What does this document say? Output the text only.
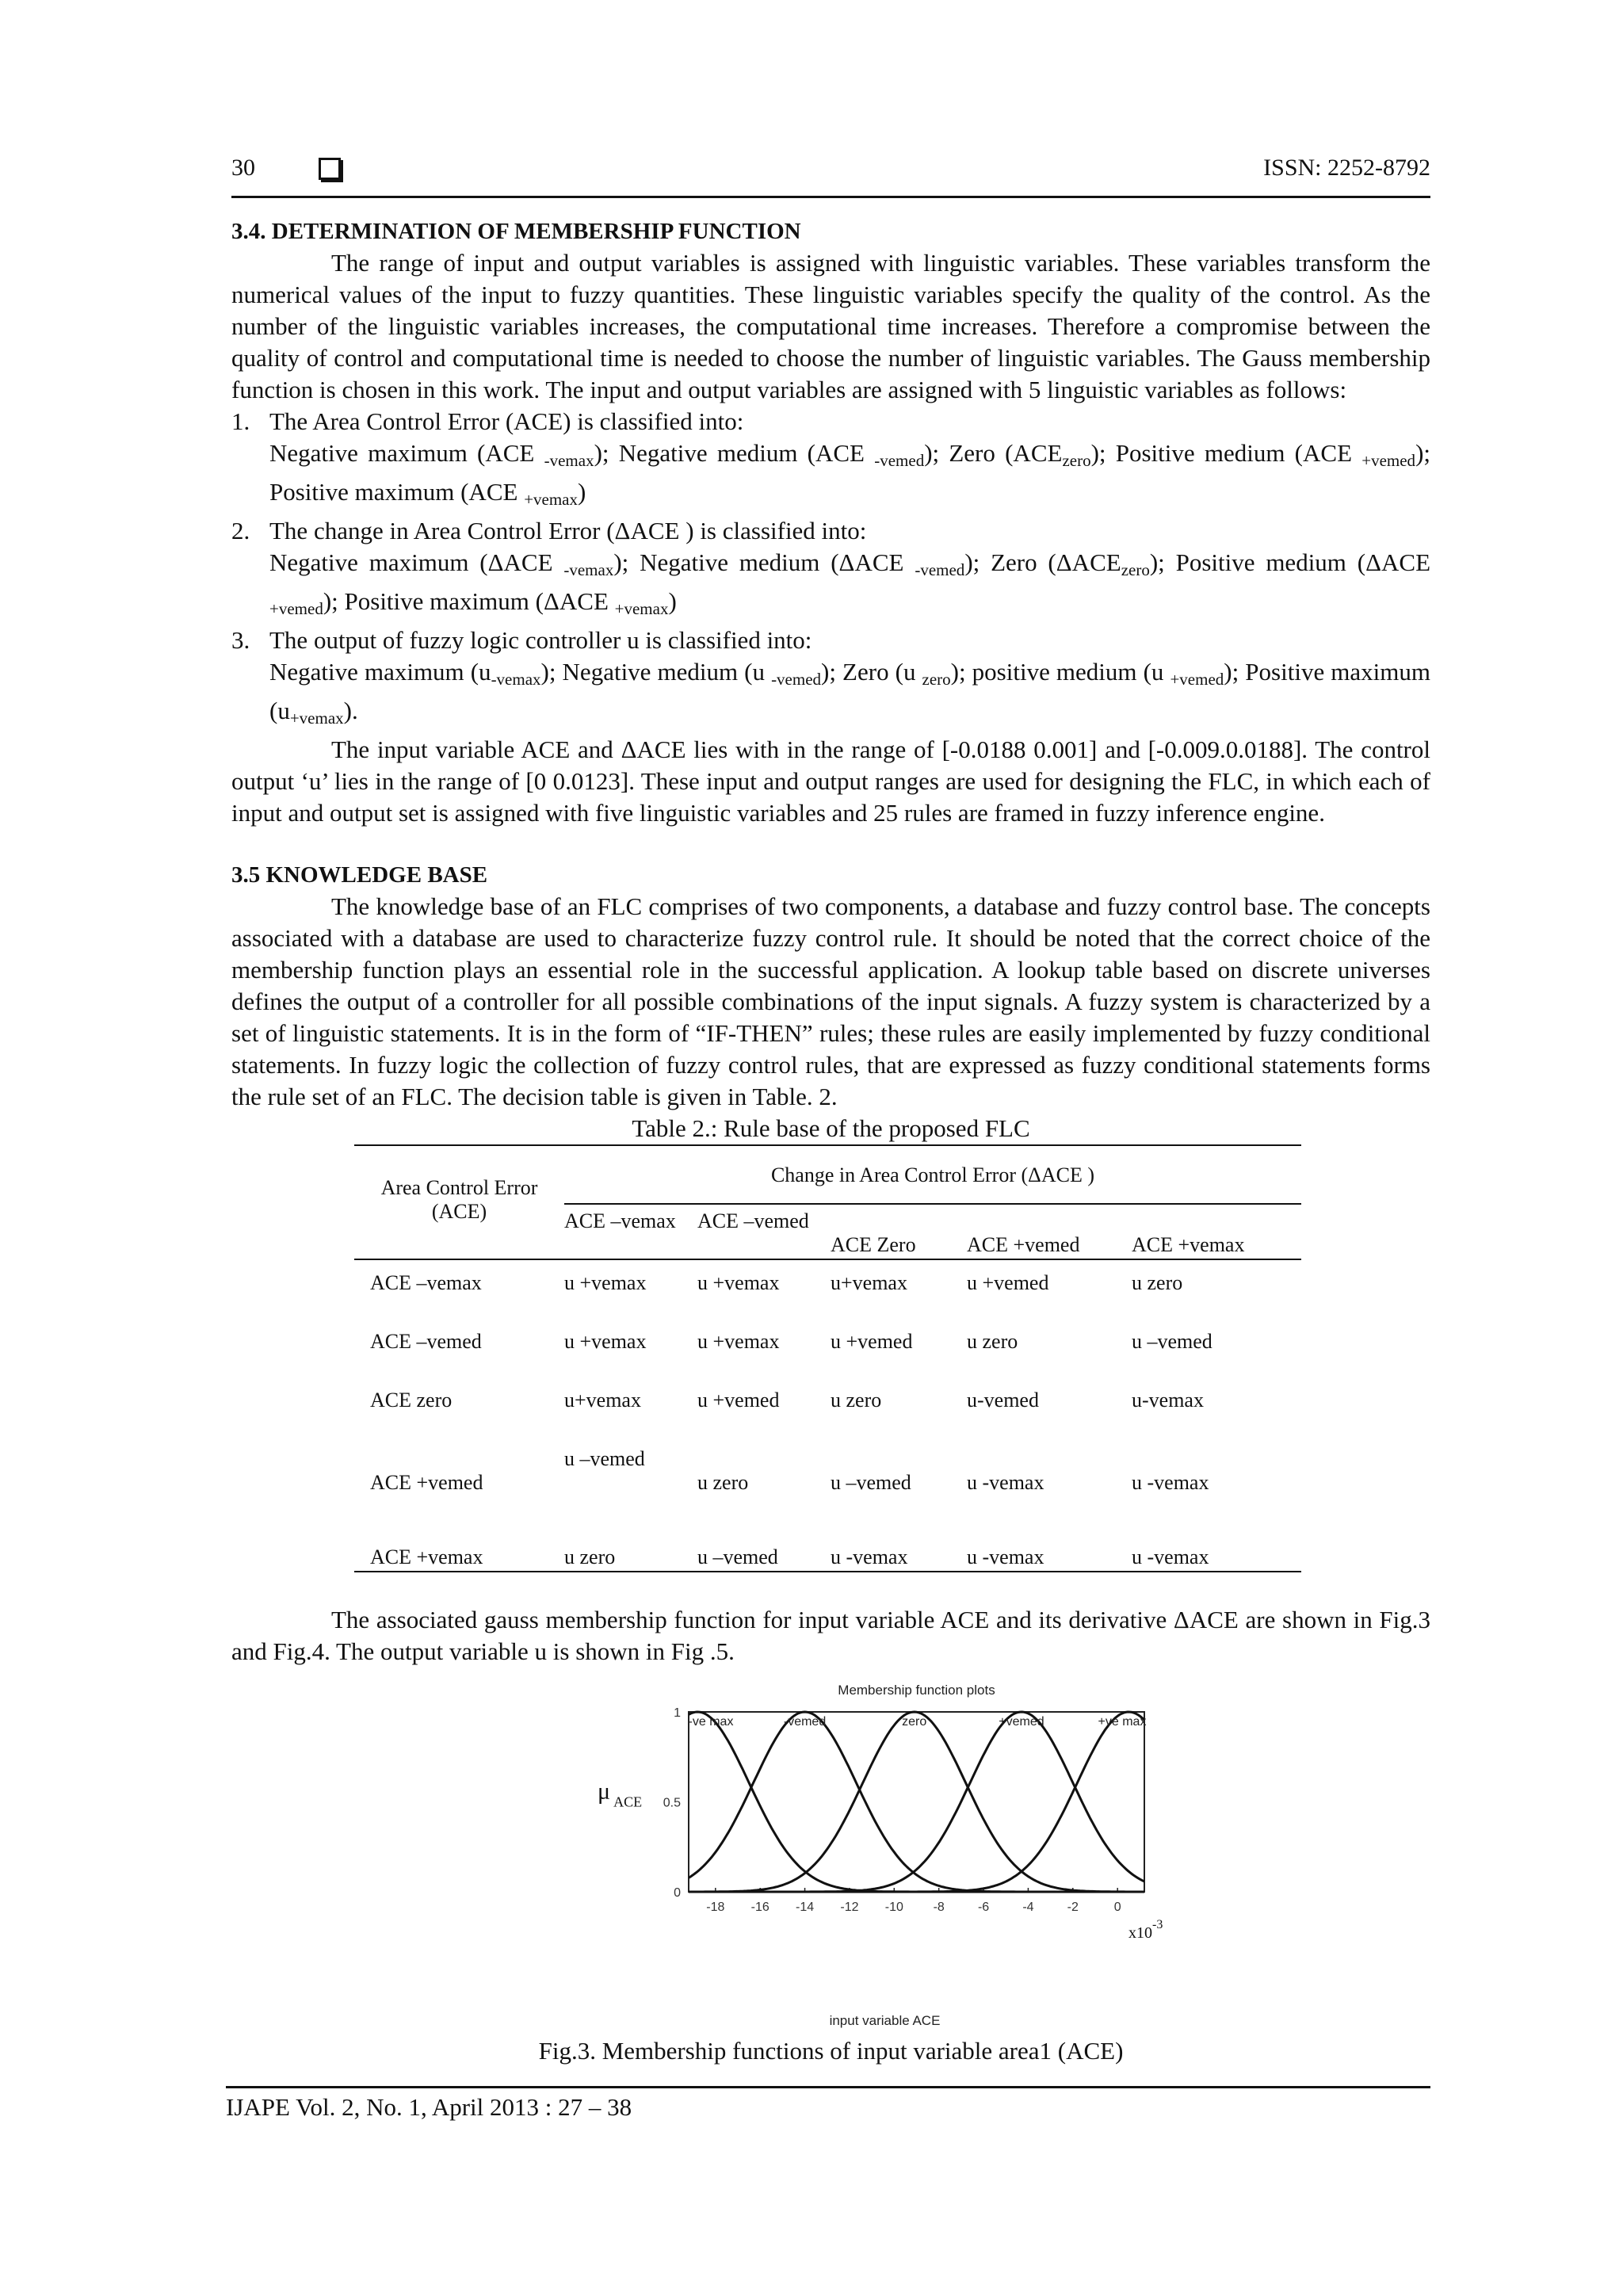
30	ISSN: 2252-8792

3.4. DETERMINATION OF MEMBERSHIP FUNCTION

The range of input and output variables is assigned with linguistic variables. These variables transform the numerical values of the input to fuzzy quantities. These linguistic variables specify the quality of the control. As the number of the linguistic variables increases, the computational time increases. Therefore a compromise between the quality of control and computational time is needed to choose the number of linguistic variables. The Gauss membership function is chosen in this work. The input and output variables are assigned with 5 linguistic variables as follows:

1. The Area Control Error (ACE) is classified into:
Negative maximum (ACE $_{-vemax}$); Negative medium (ACE $_{-vemed}$); Zero $(ACE_{zero})$; Positive medium (ACE $_{+vemed}$); Positive maximum (ACE $_{+vemax}$)
2. The change in Area Control Error (ΔACE ) is classified into:
Negative maximum (ΔACE $_{-vemax}$); Negative medium (ΔACE $_{-vemed}$); Zero $(\Delta ACE_{zero})$; Positive medium (ΔACE $_{+vemed}$); Positive maximum (ΔACE $_{+vemax}$)
3. The output of fuzzy logic controller u is classified into:
Negative maximum $(u_{-vemax})$; Negative medium (u $_{-vemed}$); Zero (u $_{zero}$); positive medium (u $_{+vemed}$); Positive maximum $(u_{+vemax})$.

The input variable ACE and ΔACE lies with in the range of [-0.0188 0.001] and [-0.009.0.0188]. The control output ‘u’ lies in the range of [0 0.0123]. These input and output ranges are used for designing the FLC, in which each of input and output set is assigned with five linguistic variables and 25 rules are framed in fuzzy inference engine.

3.5 KNOWLEDGE BASE

The knowledge base of an FLC comprises of two components, a database and fuzzy control base. The concepts associated with a database are used to characterize fuzzy control rule. It should be noted that the correct choice of the membership function plays an essential role in the successful application. A lookup table based on discrete universes defines the output of a controller for all possible combinations of the input signals. A fuzzy system is characterized by a set of linguistic statements. It is in the form of “IF-THEN” rules; these rules are easily implemented by fuzzy conditional statements. In fuzzy logic the collection of fuzzy control rules, that are expressed as fuzzy conditional statements forms the rule set of an FLC. The decision table is given in Table. 2.

Table 2.: Rule base of the proposed FLC

Area Control Error
(ACE)	Change in Area Control Error (ΔACE )				
	ACE –vemax	ACE –vemed	ACE Zero	ACE +vemed	ACE +vemax
ACE –vemax	u +vemax	u +vemax	u+vemax	u +vemed	u zero
ACE –vemed	u +vemax	u +vemax	u +vemed	u zero	u –vemed
ACE zero	u+vemax	u +vemed	u zero	u-vemed	u-vemax
ACE +vemed	u –vemed	u zero	u –vemed	u -vemax	u -vemax
ACE +vemax	u zero	u –vemed	u -vemax	u -vemax	u -vemax

The associated gauss membership function for input variable ACE and its derivative ΔACE are shown in Fig.3 and Fig.4. The output variable u is shown in Fig .5.

Membership function plots
0
0.5
1
-18 -16 -14 -12 -10 -8	-6	-4	-2	0
μ $_{ACE}$
$x10^{-3}$
input variable ACE
-ve max	-vemed	zero	+vemed	+ve max
Fig.3. Membership functions of input variable area1 (ACE)
IJAPE Vol. 2, No. 1, April 2013 : 27 – 38
